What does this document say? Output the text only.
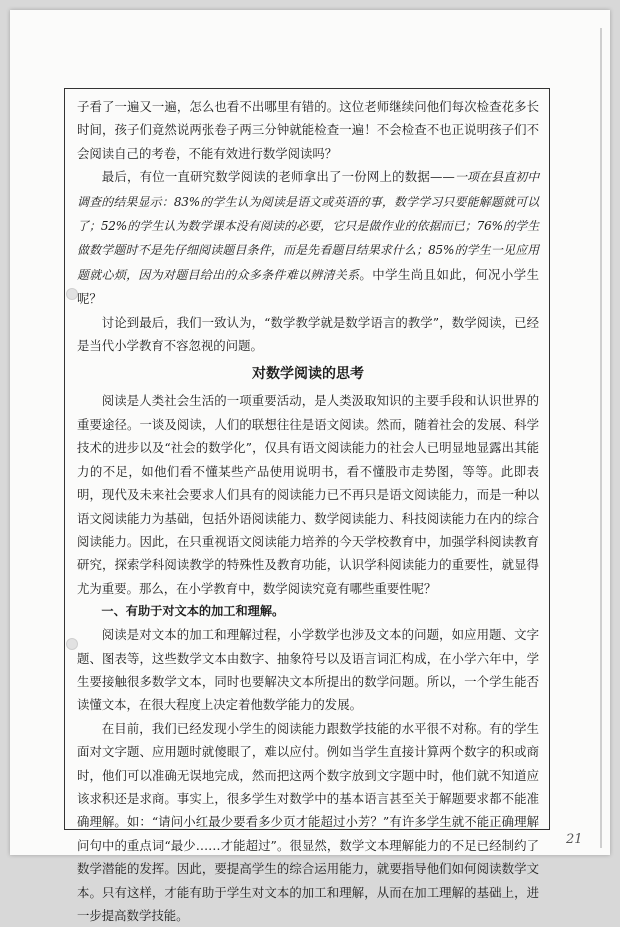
子看了一遍又一遍，怎么也看不出哪里有错的。这位老师继续问他们每次检查花多长时间，孩子们竟然说两张卷子两三分钟就能检查一遍！不会检查不也正说明孩子们不会阅读自己的考卷，不能有效进行数学阅读吗？

最后，有位一直研究数学阅读的老师拿出了一份网上的数据——一项在县直初中调查的结果显示：83%的学生认为阅读是语文或英语的事，数学学习只要能解题就可以了；52%的学生认为数学课本没有阅读的必要，它只是做作业的依据而已；76%的学生做数学题时不是先仔细阅读题目条件，而是先看题目结果求什么；85%的学生一见应用题就心烦，因为对题目给出的众多条件难以辨清关系。中学生尚且如此，何况小学生呢？

讨论到最后，我们一致认为，“数学教学就是数学语言的教学”，数学阅读，已经是当代小学教育不容忽视的问题。

对数学阅读的思考

阅读是人类社会生活的一项重要活动，是人类汲取知识的主要手段和认识世界的重要途径。一谈及阅读，人们的联想往往是语文阅读。然而，随着社会的发展、科学技术的进步以及“社会的数学化”，仅具有语文阅读能力的社会人已明显地显露出其能力的不足，如他们看不懂某些产品使用说明书，看不懂股市走势图，等等。此即表明，现代及未来社会要求人们具有的阅读能力已不再只是语文阅读能力，而是一种以语文阅读能力为基础，包括外语阅读能力、数学阅读能力、科技阅读能力在内的综合阅读能力。因此，在只重视语文阅读能力培养的今天学校教育中，加强学科阅读教育研究，探索学科阅读教学的特殊性及教育功能，认识学科阅读能力的重要性，就显得尤为重要。那么，在小学教育中，数学阅读究竟有哪些重要性呢？

一、有助于对文本的加工和理解。

阅读是对文本的加工和理解过程，小学数学也涉及文本的问题，如应用题、文字题、图表等，这些数学文本由数字、抽象符号以及语言词汇构成，在小学六年中，学生要接触很多数学文本，同时也要解决文本所提出的数学问题。所以，一个学生能否读懂文本，在很大程度上决定着他数学能力的发展。

在目前，我们已经发现小学生的阅读能力跟数学技能的水平很不对称。有的学生面对文字题、应用题时就傻眼了，难以应付。例如当学生直接计算两个数字的积或商时，他们可以准确无误地完成，然而把这两个数字放到文字题中时，他们就不知道应该求积还是求商。事实上，很多学生对数学中的基本语言甚至关于解题要求都不能准确理解。如：“请问小红最少要看多少页才能超过小芳？”有许多学生就不能正确理解问句中的重点词“最少……才能超过”。很显然，数学文本理解能力的不足已经制约了数学潜能的发挥。因此，要提高学生的综合运用能力，就要指导他们如何阅读数学文本。只有这样，才能有助于学生对文本的加工和理解，从而在加工理解的基础上，进一步提高数学技能。

21
